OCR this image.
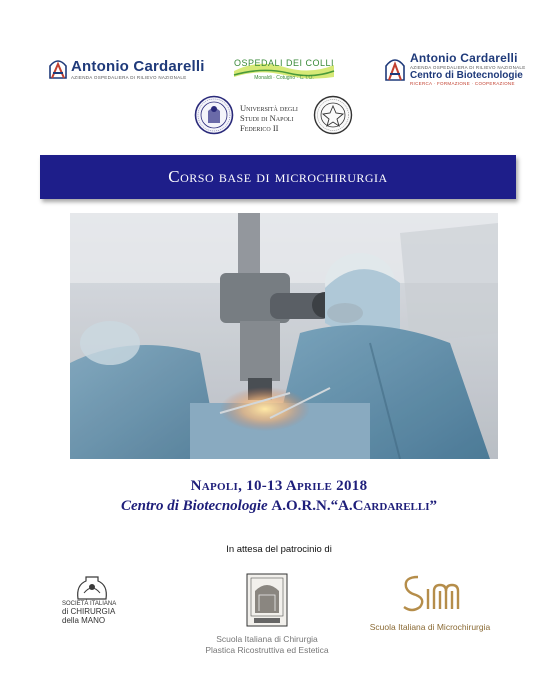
Antonio Cardarelli
AZIENDA OSPEDALIERA DI RILIEVO NAZIONALE
OSPEDALI DEI COLLI
Monaldi · Cotugno · C.T.O.
Antonio Cardarelli
AZIENDA OSPEDALIERA DI RILIEVO NAZIONALE
Centro di Biotecnologie
RICERCA · FORMAZIONE · COOPERAZIONE
Università degli
Studi di Napoli
Federico II
Corso base di microchirurgia
Napoli, 10-13 Aprile 2018
Centro di Biotecnologie A.O.R.N.“A.Cardarelli”
In attesa del patrocinio di
SOCIETÀ ITALIANA
di CHIRURGIA
della MANO
Scuola Italiana di Chirurgia
Plastica Ricostruttiva ed Estetica
Scuola Italiana di Microchirurgia
